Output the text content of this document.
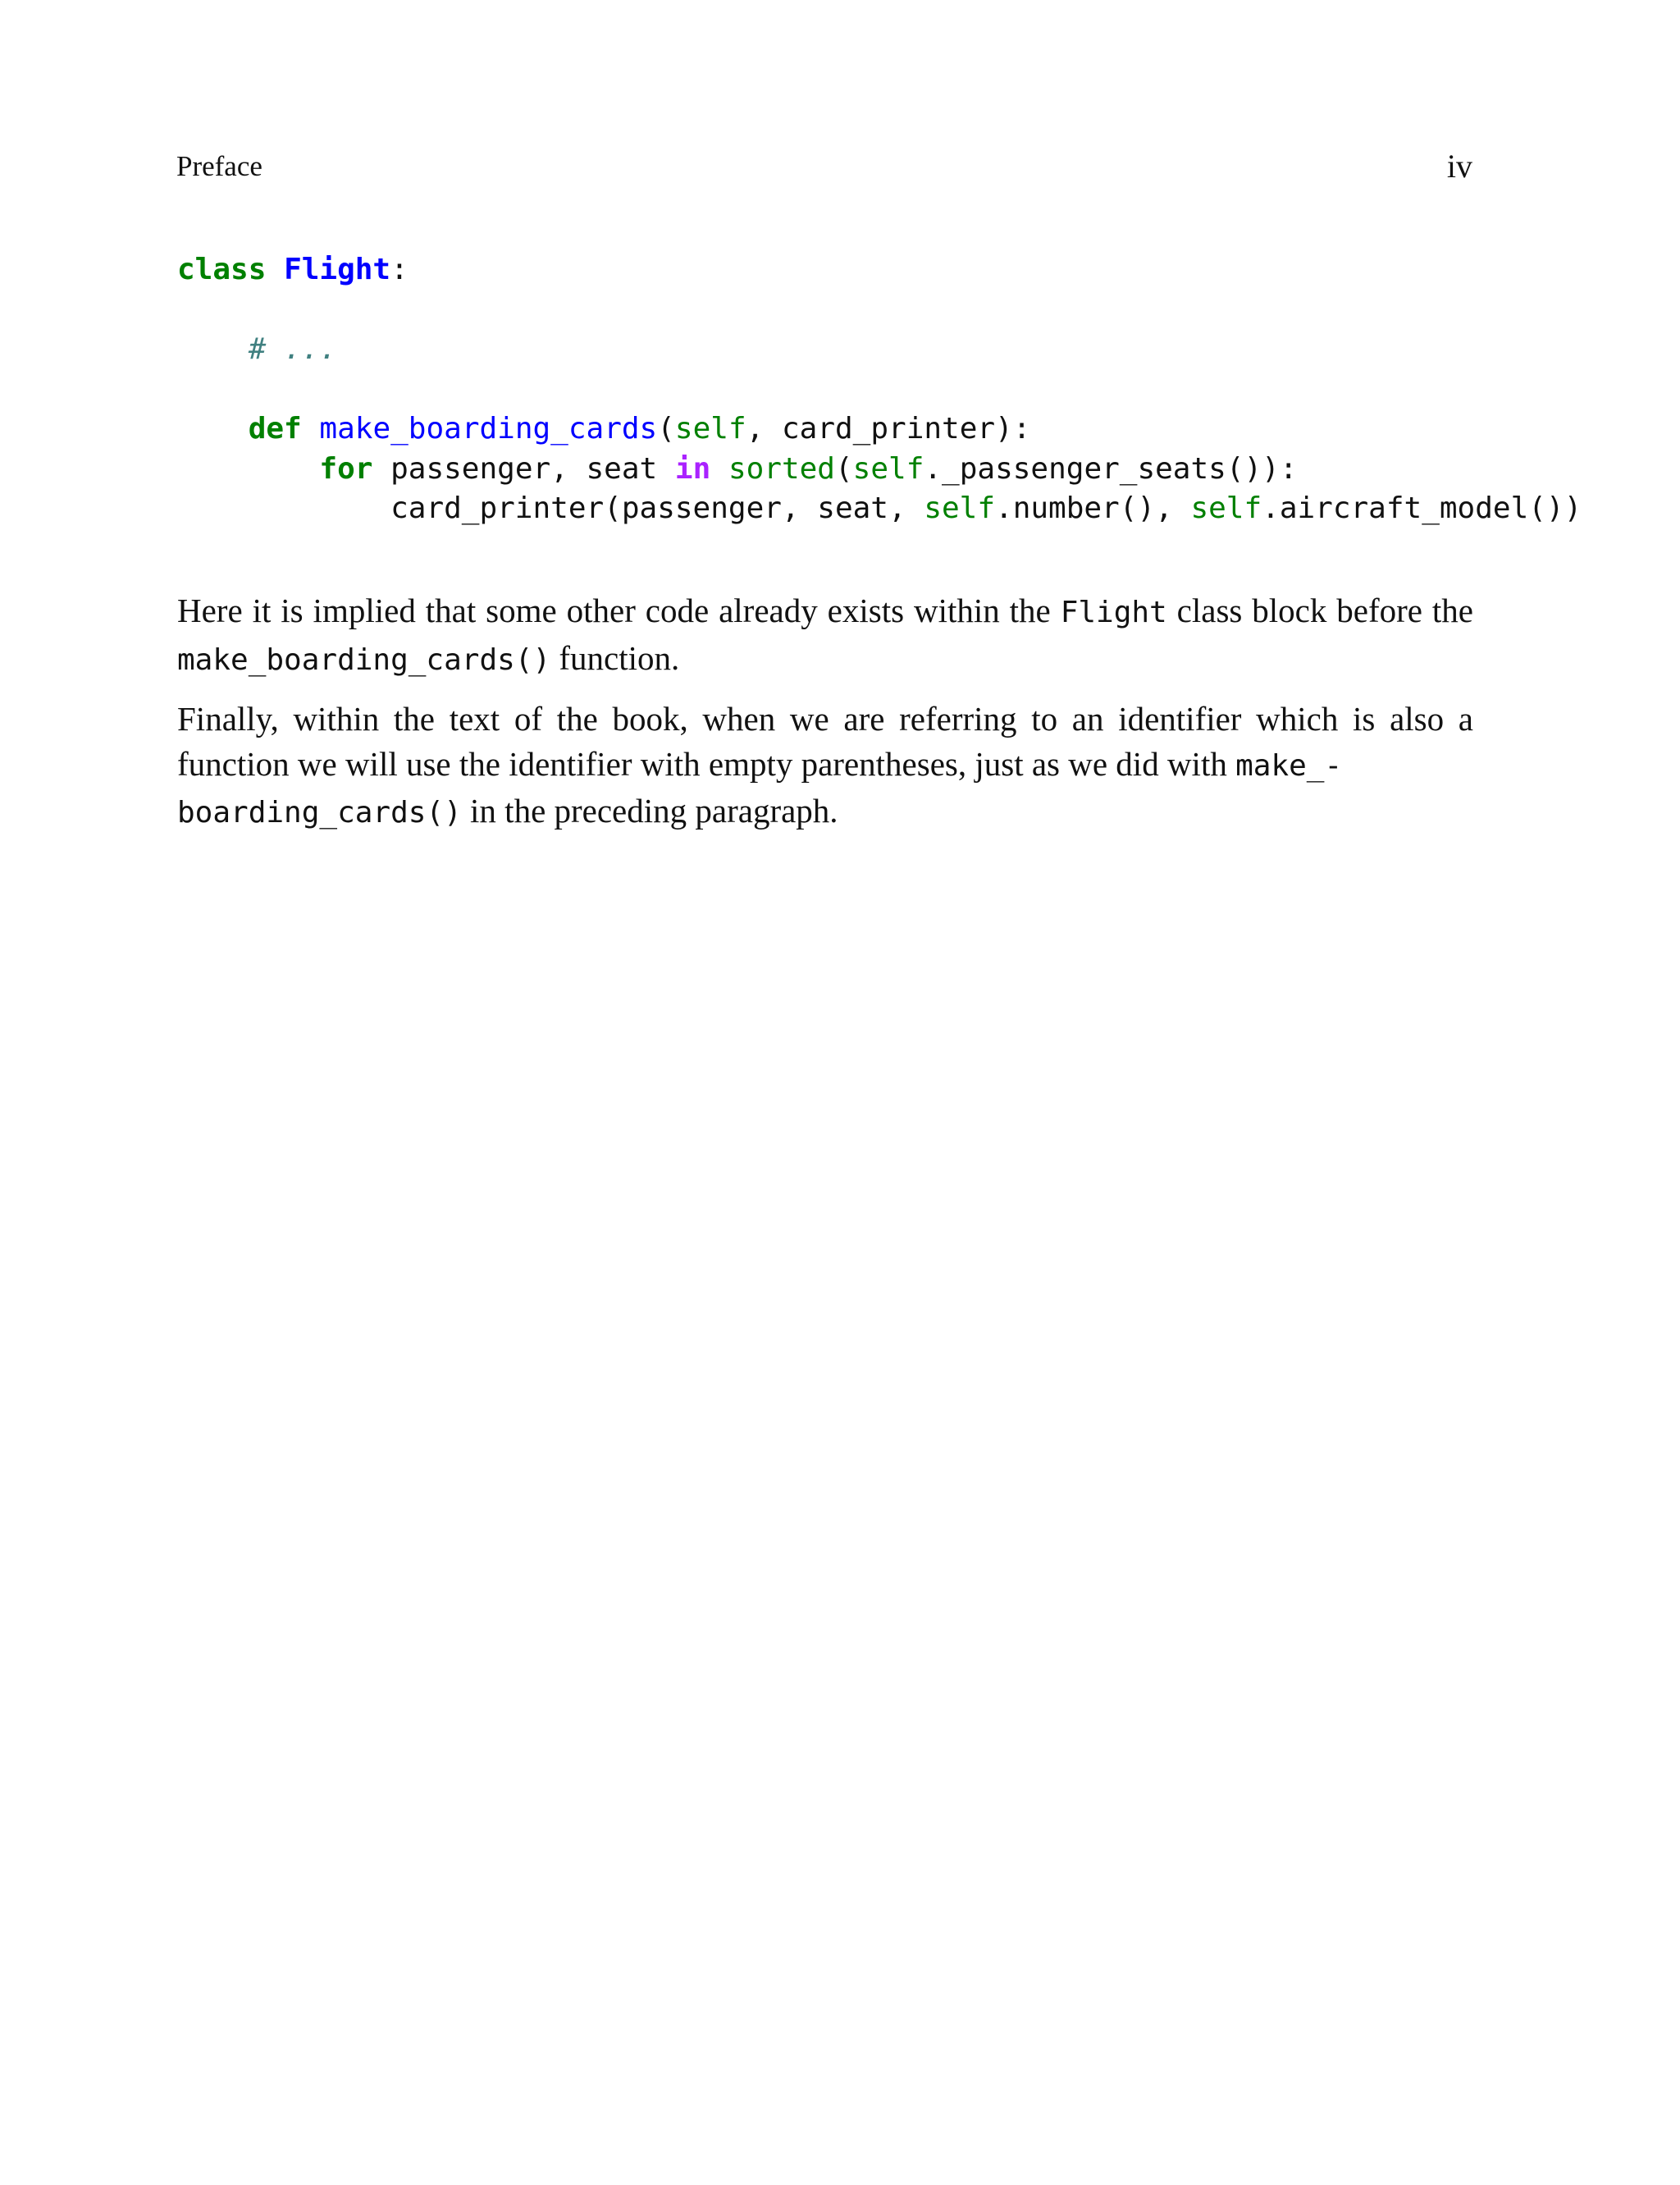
Preface	iv
class Flight:

# ...

def make_boarding_cards(self, card_printer):
for passenger, seat in sorted(self._passenger_seats()):
card_printer(passenger, seat, self.number(), self.aircraft_model())

Here it is implied that some other code already exists within the Flight class block before the make_boarding_cards() function.

Finally, within the text of the book, when we are referring to an identifier which is also a function we will use the identifier with empty parentheses, just as we did with make_-
boarding_cards() in the preceding paragraph.
